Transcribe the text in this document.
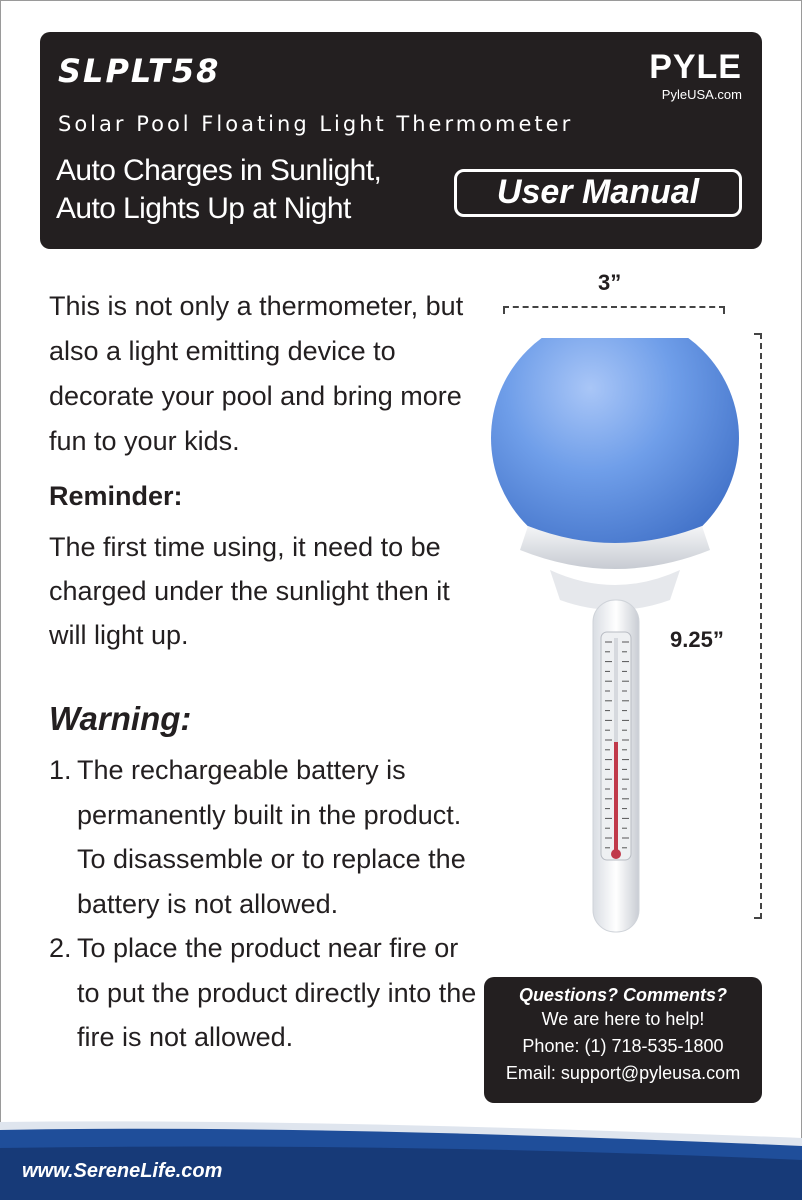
SLPLT58
Solar Pool Floating Light Thermometer
Auto Charges in Sunlight,
Auto Lights Up at Night
PYLE
PyleUSA.com
User Manual
This is not only a thermometer, but also a light emitting device to decorate your pool and bring more fun to your kids.
Reminder:
The first time using, it need to be charged under the sunlight then it will light up.
Warning:
1. The rechargeable battery is permanently built in the product. To disassemble or to replace the battery is not allowed.
2. To place the product near fire or to put the product directly into the fire is not allowed.
3”
9.25”
Questions? Comments?
We are here to help!
Phone: (1) 718-535-1800
Email: support@pyleusa.com
www.SereneLife.com
